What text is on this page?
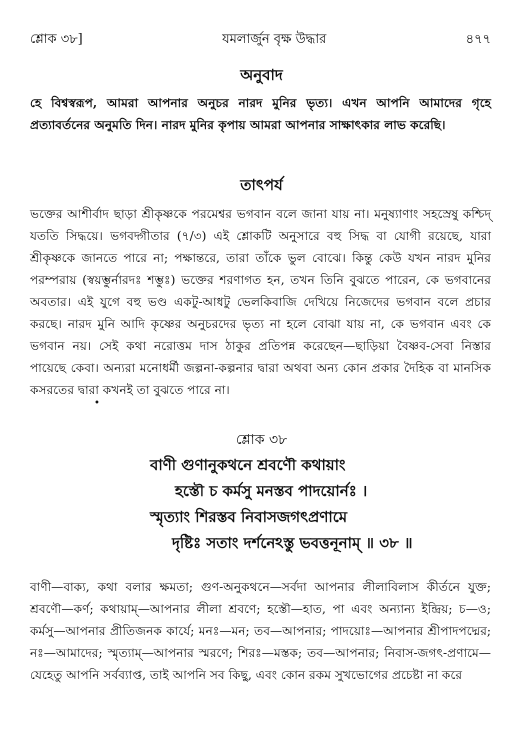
শ্লোক ৩৮]	যমলার্জুন বৃক্ষ উদ্ধার	৪৭৭
অনুবাদ
হে বিশ্বস্বরূপ, আমরা আপনার অনুচর নারদ মুনির ভৃত্য। এখন আপনি আমাদের গৃহে প্রত্যাবর্তনের অনুমতি দিন। নারদ মুনির কৃপায় আমরা আপনার সাক্ষাৎকার লাভ করেছি।
তাৎপর্য
ভক্তের আশীর্বাদ ছাড়া শ্রীকৃষ্ণকে পরমেশ্বর ভগবান বলে জানা যায় না। মনুষ্যাণাং সহস্রেষু কশ্চিদ্ যততি সিদ্ধয়ে। ভগবদ্গীতার (৭/৩) এই শ্লোকটি অনুসারে বহু সিদ্ধ বা যোগী রয়েছে, যারা শ্রীকৃষ্ণকে জানতে পারে না; পক্ষান্তরে, তারা তাঁকে ভুল বোঝে। কিন্তু কেউ যখন নারদ মুনির পরম্পরায় (স্বয়ম্ভুর্নারদঃ শম্ভুঃ) ভক্তের শরণাগত হন, তখন তিনি বুঝতে পারেন, কে ভগবানের অবতার। এই যুগে বহু ভণ্ড একটু-আধটু ভেলকিবাজি দেখিয়ে নিজেদের ভগবান বলে প্রচার করছে। নারদ মুনি আদি কৃষ্ণের অনুচরদের ভৃত্য না হলে বোঝা যায় না, কে ভগবান এবং কে ভগবান নয়। সেই কথা নরোত্তম দাস ঠাকুর প্রতিপন্ন করেছেন—ছাড়িয়া বৈষ্ণব-সেবা নিস্তার পায়েছে কেবা। অন্যরা মনোধর্মী জল্পনা-কল্পনার দ্বারা অথবা অন্য কোন প্রকার দৈহিক বা মানসিক কসরতের দ্বারা কখনই তা বুঝতে পারে না।
•
শ্লোক ৩৮
বাণী গুণানুকথনে শ্রবণৌ কথায়াং
হস্তৌ চ কর্মসু মনস্তব পাদয়োর্নঃ ।
স্মৃত্যাং শিরস্তব নিবাসজগৎপ্রণামে
দৃষ্টিঃ সতাং দর্শনেঽস্তু ভবত্তনূনাম্ ॥ ৩৮ ॥
বাণী—বাক্য, কথা বলার ক্ষমতা; গুণ-অনুকথনে—সর্বদা আপনার লীলাবিলাস কীর্তনে যুক্ত; শ্রবণৌ—কর্ণ; কথায়াম্—আপনার লীলা শ্রবণে; হস্তৌ—হাত, পা এবং অন্যান্য ইন্দ্রিয়; চ—ও; কর্মসু—আপনার প্রীতিজনক কার্যে; মনঃ—মন; তব—আপনার; পাদয়োঃ—আপনার শ্রীপাদপদ্মের; নঃ—আমাদের; স্মৃত্যাম্—আপনার স্মরণে; শিরঃ—মস্তক; তব—আপনার; নিবাস-জগৎ-প্রণামে—যেহেতু আপনি সর্বব্যাপ্ত, তাই আপনি সব কিছু, এবং কোন রকম সুখভোগের প্রচেষ্টা না করে
